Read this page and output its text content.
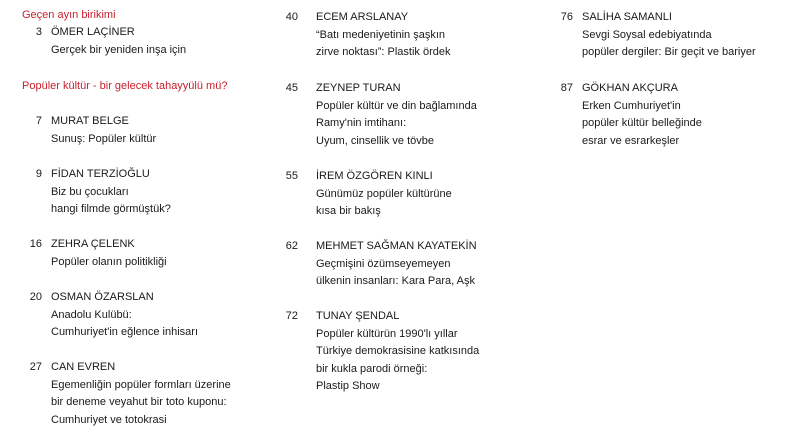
Geçen ayın birikimi
3 ÖMER LAÇİNER
Gerçek bir yeniden inşa için
Popüler kültür - bir gelecek tahayyülü mü?
7 MURAT BELGE
Sunuş: Popüler kültür
9 FİDAN TERZİOĞLU
Biz bu çocukları
hangi filmde görmüştük?
16 ZEHRA ÇELENK
Popüler olanın politikliği
20 OSMAN ÖZARSLAN
Anadolu Kulübü:
Cumhuriyet'in eğlence inhisarı
27 CAN EVREN
Egemenliğin popüler formları üzerine
bir deneme veyahut bir toto kuponu:
Cumhuriyet ve totokrasi
40 ECEM ARSLANAY
“Batı medeniyetinin şaşkın
zirve noktası”: Plastik ördek
45 ZEYNEP TURAN
Popüler kültür ve din bağlamında
Ramy'nin imtihanı:
Uyum, cinsellik ve tövbe
55 İREM ÖZGÖREN KINLI
Günümüz popüler kültürüne
kısa bir bakış
62 MEHMET SAĞMAN KAYATEKİN
Geçmişini özümseyemeyen
ülkenin insanları: Kara Para, Aşk
72 TUNAY ŞENDAL
Popüler kültürün 1990'lı yıllar
Türkiye demokrasisine katkısında
bir kukla parodi örneği:
Plastip Show
76 SALİHA SAMANLI
Sevgi Soysal edebiyatında
popüler dergiler: Bir geçit ve bariyer
87 GÖKHAN AKÇURA
Erken Cumhuriyet'in
popüler kültür belleğinde
esrar ve esrarkeşler
